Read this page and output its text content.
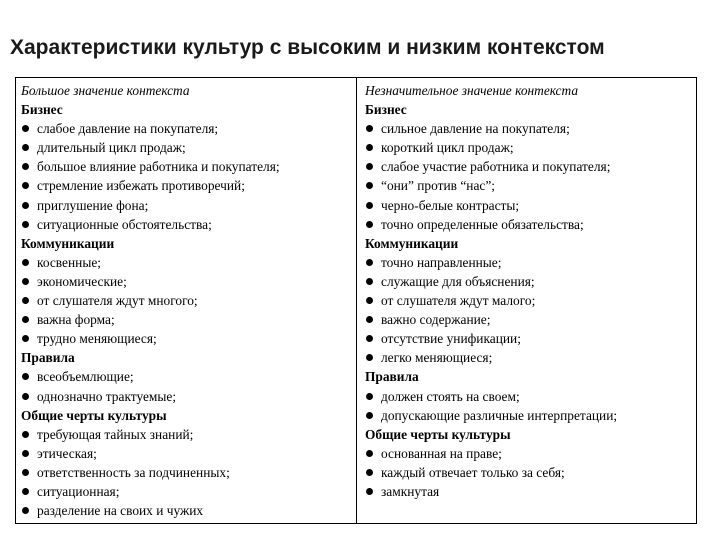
Характеристики культур с высоким и низким контекстом
Большое значение контекста
Бизнес
слабое давление на покупателя;
длительный цикл продаж;
большое влияние работника и покупателя;
стремление избежать противоречий;
приглушение фона;
ситуационные обстоятельства;
Коммуникации
косвенные;
экономические;
от слушателя ждут многого;
важна форма;
трудно меняющиеся;
Правила
всеобъемлющие;
однозначно трактуемые;
Общие черты культуры
требующая тайных знаний;
этическая;
ответственность за подчиненных;
ситуационная;
разделение на своих и чужих
Незначительное значение контекста
Бизнес
сильное давление на покупателя;
короткий цикл продаж;
слабое участие работника и покупателя;
“они” против “нас”;
черно-белые контрасты;
точно определенные обязательства;
Коммуникации
точно направленные;
служащие для объяснения;
от слушателя ждут малого;
важно содержание;
отсутствие унификации;
легко меняющиеся;
Правила
должен стоять на своем;
допускающие различные интерпретации;
Общие черты культуры
основанная на праве;
каждый отвечает только за себя;
замкнутая
